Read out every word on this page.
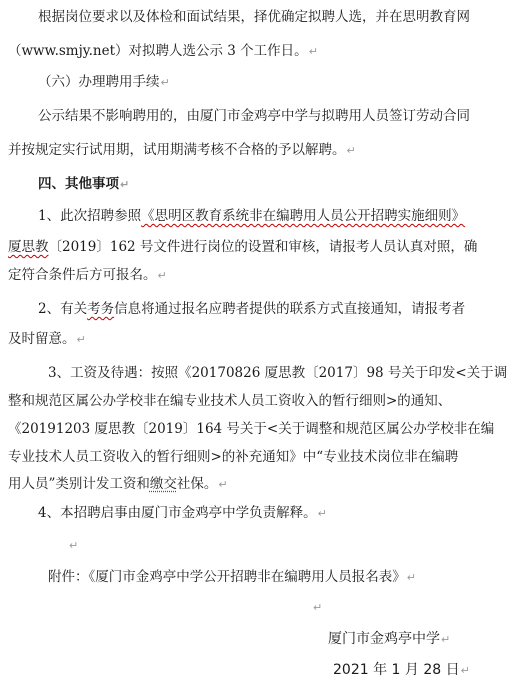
根据岗位要求以及体检和面试结果，择优确定拟聘人选，并在思明教育网
（www.smjy.net）对拟聘人选公示 3 个工作日。↵
（六）办理聘用手续↵
公示结果不影响聘用的，由厦门市金鸡亭中学与拟聘用人员签订劳动合同
并按规定实行试用期，试用期满考核不合格的予以解聘。↵
四、其他事项↵
1、此次招聘参照《思明区教育系统非在编聘用人员公开招聘实施细则》
厦思教〔2019〕162 号文件进行岗位的设置和审核，请报考人员认真对照，确
定符合条件后方可报名。↵
2、有关考务信息将通过报名应聘者提供的联系方式直接通知，请报考者
及时留意。↵
3、工资及待遇：按照《20170826 厦思教〔2017〕98 号关于印发<关于调
整和规范区属公办学校非在编专业技术人员工资收入的暂行细则>的通知、
《20191203 厦思教〔2019〕164 号关于<关于调整和规范区属公办学校非在编
专业技术人员工资收入的暂行细则>的补充通知》中“专业技术岗位非在编聘
用人员”类别计发工资和缴交社保。↵
4、本招聘启事由厦门市金鸡亭中学负责解释。↵
↵
附件：《厦门市金鸡亭中学公开招聘非在编聘用人员报名表》↵
↵
厦门市金鸡亭中学↵
2021 年 1 月 28 日↵
